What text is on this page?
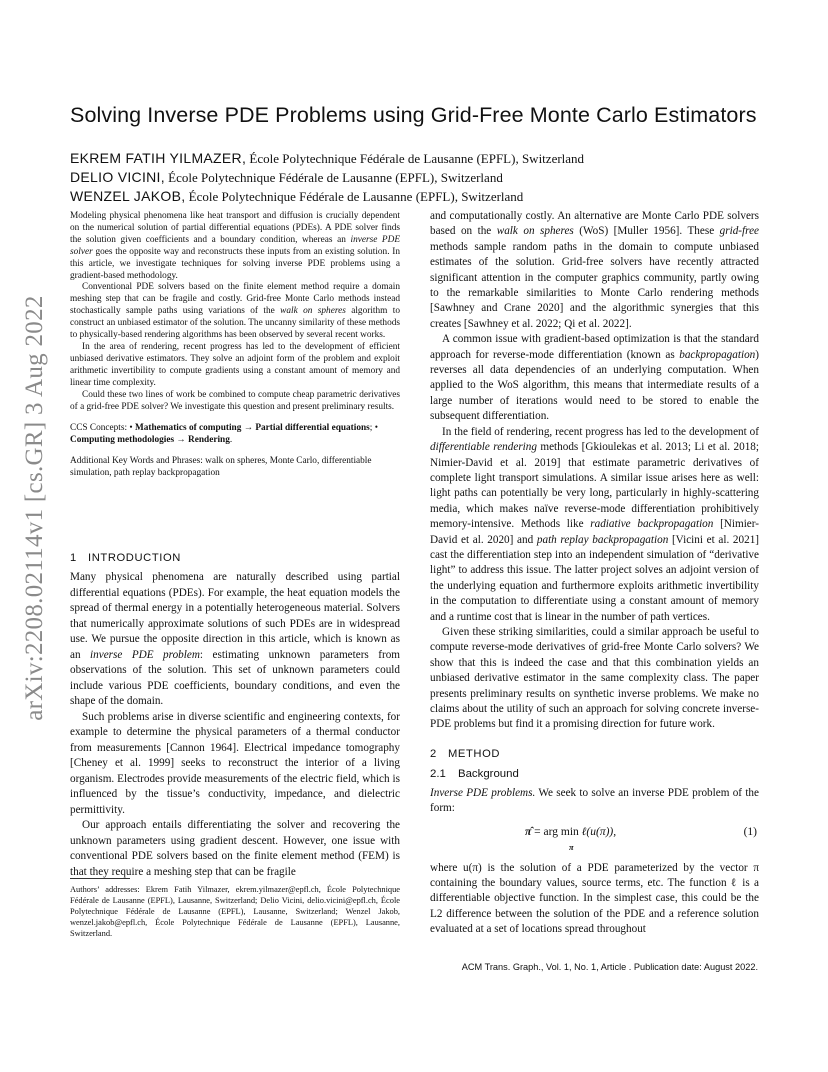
Solving Inverse PDE Problems using Grid-Free Monte Carlo Estimators
EKREM FATIH YILMAZER, École Polytechnique Fédérale de Lausanne (EPFL), Switzerland
DELIO VICINI, École Polytechnique Fédérale de Lausanne (EPFL), Switzerland
WENZEL JAKOB, École Polytechnique Fédérale de Lausanne (EPFL), Switzerland
arXiv:2208.02114v1 [cs.GR] 3 Aug 2022

Modeling physical phenomena like heat transport and diffusion is crucially dependent on the numerical solution of partial differential equations (PDEs). A PDE solver finds the solution given coefficients and a boundary condition, whereas an inverse PDE solver goes the opposite way and reconstructs these inputs from an existing solution. In this article, we investigate techniques for solving inverse PDE problems using a gradient-based methodology.

Conventional PDE solvers based on the finite element method require a domain meshing step that can be fragile and costly. Grid-free Monte Carlo methods instead stochastically sample paths using variations of the walk on spheres algorithm to construct an unbiased estimator of the solution. The uncanny similarity of these methods to physically-based rendering algorithms has been observed by several recent works.

In the area of rendering, recent progress has led to the development of efficient unbiased derivative estimators. They solve an adjoint form of the problem and exploit arithmetic invertibility to compute gradients using a constant amount of memory and linear time complexity.

Could these two lines of work be combined to compute cheap parametric derivatives of a grid-free PDE solver? We investigate this question and present preliminary results.

CCS Concepts: • Mathematics of computing → Partial differential equations; • Computing methodologies → Rendering.

Additional Key Words and Phrases: walk on spheres, Monte Carlo, differentiable simulation, path replay backpropagation

1 INTRODUCTION

Many physical phenomena are naturally described using partial differential equations (PDEs). For example, the heat equation models the spread of thermal energy in a potentially heterogeneous material. Solvers that numerically approximate solutions of such PDEs are in widespread use. We pursue the opposite direction in this article, which is known as an inverse PDE problem: estimating unknown parameters from observations of the solution. This set of unknown parameters could include various PDE coefficients, boundary conditions, and even the shape of the domain.

Such problems arise in diverse scientific and engineering contexts, for example to determine the physical parameters of a thermal conductor from measurements [Cannon 1964]. Electrical impedance tomography [Cheney et al. 1999] seeks to reconstruct the interior of a living organism. Electrodes provide measurements of the electric field, which is influenced by the tissue’s conductivity, impedance, and dielectric permittivity.

Our approach entails differentiating the solver and recovering the unknown parameters using gradient descent. However, one issue with conventional PDE solvers based on the finite element method (FEM) is that they require a meshing step that can be fragile

Authors’ addresses: Ekrem Fatih Yilmazer, ekrem.yilmazer@epfl.ch, École Polytechnique Fédérale de Lausanne (EPFL), Lausanne, Switzerland; Delio Vicini, delio.vicini@epfl.ch, École Polytechnique Fédérale de Lausanne (EPFL), Lausanne, Switzerland; Wenzel Jakob, wenzel.jakob@epfl.ch, École Polytechnique Fédérale de Lausanne (EPFL), Lausanne, Switzerland.

and computationally costly. An alternative are Monte Carlo PDE solvers based on the walk on spheres (WoS) [Muller 1956]. These grid-free methods sample random paths in the domain to compute unbiased estimates of the solution. Grid-free solvers have recently attracted significant attention in the computer graphics community, partly owing to the remarkable similarities to Monte Carlo rendering methods [Sawhney and Crane 2020] and the algorithmic synergies that this creates [Sawhney et al. 2022; Qi et al. 2022].

A common issue with gradient-based optimization is that the standard approach for reverse-mode differentiation (known as backpropagation) reverses all data dependencies of an underlying computation. When applied to the WoS algorithm, this means that intermediate results of a large number of iterations would need to be stored to enable the subsequent differentiation.

In the field of rendering, recent progress has led to the development of differentiable rendering methods [Gkioulekas et al. 2013; Li et al. 2018; Nimier-David et al. 2019] that estimate parametric derivatives of complete light transport simulations. A similar issue arises here as well: light paths can potentially be very long, particularly in highly-scattering media, which makes naïve reverse-mode differentiation prohibitively memory-intensive. Methods like radiative backpropagation [Nimier-David et al. 2020] and path replay backpropagation [Vicini et al. 2021] cast the differentiation step into an independent simulation of “derivative light” to address this issue. The latter project solves an adjoint version of the underlying equation and furthermore exploits arithmetic invertibility in the computation to differentiate using a constant amount of memory and a runtime cost that is linear in the number of path vertices.

Given these striking similarities, could a similar approach be useful to compute reverse-mode derivatives of grid-free Monte Carlo solvers? We show that this is indeed the case and that this combination yields an unbiased derivative estimator in the same complexity class. The paper presents preliminary results on synthetic inverse problems. We make no claims about the utility of such an approach for solving concrete inverse-PDE problems but find it a promising direction for future work.

2 METHOD
2.1 Background

Inverse PDE problems. We seek to solve an inverse PDE problem of the form:

π̂ = arg min ℓ(u(π)),
π
(1)

where u(π) is the solution of a PDE parameterized by the vector π containing the boundary values, source terms, etc. The function ℓ is a differentiable objective function. In the simplest case, this could be the L2 difference between the solution of the PDE and a reference solution evaluated at a set of locations spread throughout

ACM Trans. Graph., Vol. 1, No. 1, Article . Publication date: August 2022.
